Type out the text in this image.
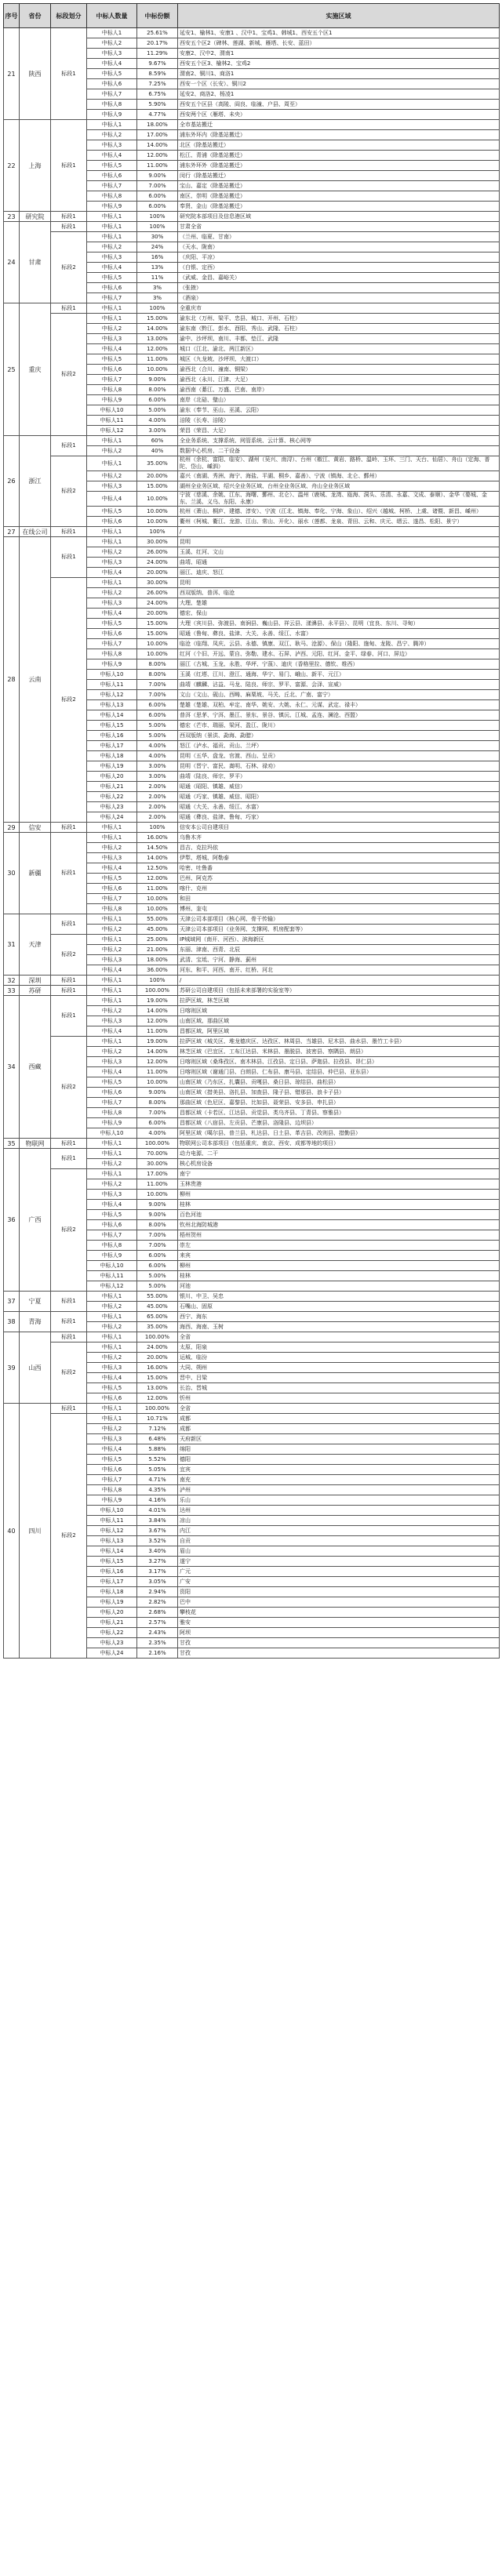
序号	省份	标段划分	中标人数量	中标份额	实施区域
21	陕西	标段1	中标人1	25.61%	延安1、榆林1、安康1 、汉中1、宝鸡1、韩城1、西安五个区1
			中标人2	20.17%	西安五个区2（碑林、莲湖、新城、雁塔、长安、蓝田）
			中标人3	11.29%	安康2、汉中2、渭南1
			中标人4	9.67%	西安五个区3、榆林2、宝鸡2
			中标人5	8.59%	渭南2、铜川1、商洛1
			中标人6	7.25%	西安一个区（长安）、铜川2
			中标人7	6.75%	延安2、商洛2、杨凌1
			中标人8	5.90%	西安五个区县（高陵、阎良、临潼、户县、周至）
			中标人9	4.77%	西安两个区（雁塔、未央）
22	上海	标段1	中标人1	18.00%	全市基站搬迁
			中标人2	17.00%	浦东外环内（除基站搬迁）
			中标人3	14.00%	北区（除基站搬迁）
			中标人4	12.00%	松江、青浦（除基站搬迁）
			中标人5	11.00%	浦东外环外（除基站搬迁）
			中标人6	9.00%	闵行（除基站搬迁）
			中标人7	7.00%	宝山、嘉定（除基站搬迁）
			中标人8	6.00%	南区、崇明（除基站搬迁）
			中标人9	6.00%	奉贤、金山（除基站搬迁）
23	研究院	标段1	中标人1	100%	研究院本部项目及信息港区域
24	甘肃	标段1	中标人1	100%	甘肃全省
		标段2	中标人1	30%	（兰州、临夏、甘南）
			中标人2	24%	（天水、陇南）
			中标人3	16%	（庆阳、平凉）
			中标人4	13%	（白银、定西）
			中标人5	11%	（武威、金昌、嘉峪关）
			中标人6	3%	（张掖）
			中标人7	3%	（酒泉）
25	重庆	标段1	中标人1	100%	全重庆市
		标段2	中标人1	15.00%	渝东北（万州、梁平、忠县、城口、开州、石柱）
			中标人2	14.00%	渝东南（黔江、彭水、酉阳、秀山、武隆、石柱）
			中标人3	13.00%	渝中、沙坪坝、南川、丰都、垫江、武隆
			中标人4	12.00%	城口（江北、渝北、两江新区）
			中标人5	11.00%	城区（九龙坡、沙坪坝、大渡口）
			中标人6	10.00%	渝西北（合川、潼南、铜梁）
			中标人7	9.00%	渝西北（永川、江津、大足）
			中标人8	8.00%	渝西南（綦江、万盛、巴南、南岸）
			中标人9	6.00%	南岸（北碚、璧山）
			中标人10	5.00%	渝东（奉节、巫山、巫溪、云阳）
			中标人11	4.00%	涪陵（长寿、涪陵）
			中标人12	3.00%	荣昌（荣昌、大足）
26	浙江	标段1	中标人1	60%	全业务系统、支撑系统、网管系统、云计算、核心网等
			中标人2	40%	数据中心机房、二干设备
		标段2	中标人1	35.00%	杭州（余杭、富阳、临安）、湖州（吴兴、南浔）、台州（椒江、黄岩、路桥、温岭、玉环、三门、天台、仙居）、舟山（定海、普陀、岱山、嵊泗）
			中标人2	20.00%	嘉兴（南湖、秀洲、海宁、海盐、平湖、桐乡、嘉善）、宁波（镇海、北仑、鄞州）
			中标人3	15.00%	湖州全业务区域、绍兴全业务区域、台州全业务区域、舟山全业务区域
			中标人4	10.00%	宁波（慈溪、余姚、江东、海曙、鄞州、北仑）、温州（鹿城、龙湾、瓯海、洞头、乐清、永嘉、文成、泰顺）、金华（婺城、金东、兰溪、义乌、东阳、永康）
			中标人5	10.00%	杭州（萧山、桐庐、建德、淳安）、宁波（江北、镇海、奉化、宁海、象山）、绍兴（越城、柯桥、上虞、诸暨、新昌、嵊州）
			中标人6	10.00%	衢州（柯城、衢江、龙游、江山、常山、开化）、丽水（莲都、龙泉、青田、云和、庆元、缙云、遂昌、松阳、景宁）
27	在线公司	标段1	中标人1	100%	/
28	云南	标段1	中标人1	30.00%	昆明
			中标人2	26.00%	玉溪、红河、文山
			中标人3	24.00%	曲靖、昭通
			中标人4	20.00%	丽江、迪庆、怒江
		标段2	中标人1	30.00%	昆明
			中标人2	26.00%	西双版纳、普洱、临沧
			中标人3	24.00%	大理、楚雄
			中标人4	20.00%	德宏、保山
			中标人5	15.00%	大理（宾川县、弥渡县、南涧县、巍山县、祥云县、漾濞县、永平县）、昆明（宜良、东川、寻甸）
			中标人6	15.00%	昭通（鲁甸、彝良、盐津、大关、永善、绥江、水富）
			中标人7	10.00%	临沧（临翔、凤庆、云县、永德、镇康、双江、耿马、沧源）、保山（隆阳、施甸、龙陵、昌宁、腾冲）
			中标人8	10.00%	红河（个旧、开远、蒙自、弥勒、建水、石屏、泸西、元阳、红河、金平、绿春、河口、屏边）
			中标人9	8.00%	丽江（古城、玉龙、永胜、华坪、宁蒗）、迪庆（香格里拉、德钦、维西）
			中标人10	8.00%	玉溪（红塔、江川、澄江、通海、华宁、易门、峨山、新平、元江）
			中标人11	7.00%	曲靖（麒麟、沾益、马龙、陆良、师宗、罗平、富源、会泽、宣威）
			中标人12	7.00%	文山（文山、砚山、西畴、麻栗坡、马关、丘北、广南、富宁）
			中标人13	6.00%	楚雄（楚雄、双柏、牟定、南华、姚安、大姚、永仁、元谋、武定、禄丰）
			中标人14	6.00%	普洱（思茅、宁洱、墨江、景东、景谷、镇沅、江城、孟连、澜沧、西盟）
			中标人15	5.00%	德宏（芒市、瑞丽、梁河、盈江、陇川）
			中标人16	5.00%	西双版纳（景洪、勐海、勐腊）
			中标人17	4.00%	怒江（泸水、福贡、贡山、兰坪）
			中标人18	4.00%	昆明（五华、盘龙、官渡、西山、呈贡）
			中标人19	3.00%	昆明（晋宁、富民、嵩明、石林、禄劝）
			中标人20	3.00%	曲靖（陆良、师宗、罗平）
			中标人21	2.00%	昭通（昭阳、镇雄、威信）
			中标人22	2.00%	昭通（巧家、镇雄、威信、昭阳）
			中标人23	2.00%	昭通（大关、永善、绥江、水富）
			中标人24	2.00%	昭通（彝良、盐津、鲁甸、巧家）
29	信安	标段1	中标人1	100%	信安本公司自建项目
30	新疆	标段1	中标人1	16.00%	乌鲁木齐
			中标人2	14.50%	昌吉、克拉玛依
			中标人3	14.00%	伊犁、塔城、阿勒泰
			中标人4	12.50%	哈密、吐鲁番
			中标人5	12.00%	巴州、阿克苏
			中标人6	11.00%	喀什、克州
			中标人7	10.00%	和田
			中标人8	10.00%	博州、奎屯
31	天津	标段1	中标人1	55.00%	天津公司本部项目（核心网、骨干传输）
			中标人2	45.00%	天津公司本部项目（业务网、支撑网、机房配套等）
		标段2	中标人1	25.00%	IP城域网（南开、河西）、滨海新区
			中标人2	21.00%	东丽、津南、西青、北辰
			中标人3	18.00%	武清、宝坻、宁河、静海、蓟州
			中标人4	36.00%	河东、和平、河西、南开、红桥、河北
32	深圳	标段1	中标人1	100%	/
33	苏研	标段1	中标人1	100.00%	苏研公司自建项目（包括未来部署的实验室等）
34	西藏	标段1	中标人1	19.00%	拉萨区域、林芝区域
			中标人2	14.00%	日喀则区域
			中标人3	12.00%	山南区域、那曲区域
			中标人4	11.00%	昌都区域、阿里区域
		标段2	中标人1	19.00%	拉萨区域（城关区、堆龙德庆区、达孜区、林周县、当雄县、尼木县、曲水县、墨竹工卡县）
			中标人2	14.00%	林芝区域（巴宜区、工布江达县、米林县、墨脱县、波密县、察隅县、朗县）
			中标人3	12.00%	日喀则区域（桑珠孜区、南木林县、江孜县、定日县、萨迦县、拉孜县、昂仁县）
			中标人4	11.00%	日喀则区域（谢通门县、白朗县、仁布县、康马县、定结县、仲巴县、亚东县）
			中标人5	10.00%	山南区域（乃东区、扎囊县、贡嘎县、桑日县、琼结县、曲松县）
			中标人6	9.00%	山南区域（措美县、洛扎县、加查县、隆子县、错那县、浪卡子县）
			中标人7	8.00%	那曲区域（色尼区、嘉黎县、比如县、聂荣县、安多县、申扎县）
			中标人8	7.00%	昌都区域（卡若区、江达县、贡觉县、类乌齐县、丁青县、察雅县）
			中标人9	6.00%	昌都区域（八宿县、左贡县、芒康县、洛隆县、边坝县）
			中标人10	4.00%	阿里区域（噶尔县、普兰县、札达县、日土县、革吉县、改则县、措勤县）
35	物联网	标段1	中标人1	100.00%	物联网公司本部项目（包括重庆、南京、西安、成都等地的项目）
36	广西	标段1	中标人1	70.00%	动力电源、二干
			中标人2	30.00%	核心机房设备
		标段2	中标人1	17.00%	南宁
			中标人2	11.00%	玉林贵港
			中标人3	10.00%	柳州
			中标人4	9.00%	桂林
			中标人5	9.00%	百色河池
			中标人6	8.00%	钦州北海防城港
			中标人7	7.00%	梧州贺州
			中标人8	7.00%	崇左
			中标人9	6.00%	来宾
			中标人10	6.00%	柳州
			中标人11	5.00%	桂林
			中标人12	5.00%	河池
37	宁夏	标段1	中标人1	55.00%	银川、中卫、吴忠
			中标人2	45.00%	石嘴山、固原
38	青海	标段1	中标人1	65.00%	西宁、海东
			中标人2	35.00%	海西、海南、玉树
39	山西	标段1	中标人1	100.00%	全省
		标段2	中标人1	24.00%	太原、阳泉
			中标人2	20.00%	运城、临汾
			中标人3	16.00%	大同、朔州
			中标人4	15.00%	晋中、吕梁
			中标人5	13.00%	长治、晋城
			中标人6	12.00%	忻州
40	四川	标段1	中标人1	100.00%	全省
		标段2	中标人1	10.71%	成都
			中标人2	7.12%	成都
			中标人3	6.48%	天府新区
			中标人4	5.88%	绵阳
			中标人5	5.52%	德阳
			中标人6	5.05%	宜宾
			中标人7	4.71%	南充
			中标人8	4.35%	泸州
			中标人9	4.16%	乐山
			中标人10	4.01%	达州
			中标人11	3.84%	凉山
			中标人12	3.67%	内江
			中标人13	3.52%	自贡
			中标人14	3.40%	眉山
			中标人15	3.27%	遂宁
			中标人16	3.17%	广元
			中标人17	3.05%	广安
			中标人18	2.94%	资阳
			中标人19	2.82%	巴中
			中标人20	2.68%	攀枝花
			中标人21	2.57%	雅安
			中标人22	2.43%	阿坝
			中标人23	2.35%	甘孜
			中标人24	2.16%	甘孜
